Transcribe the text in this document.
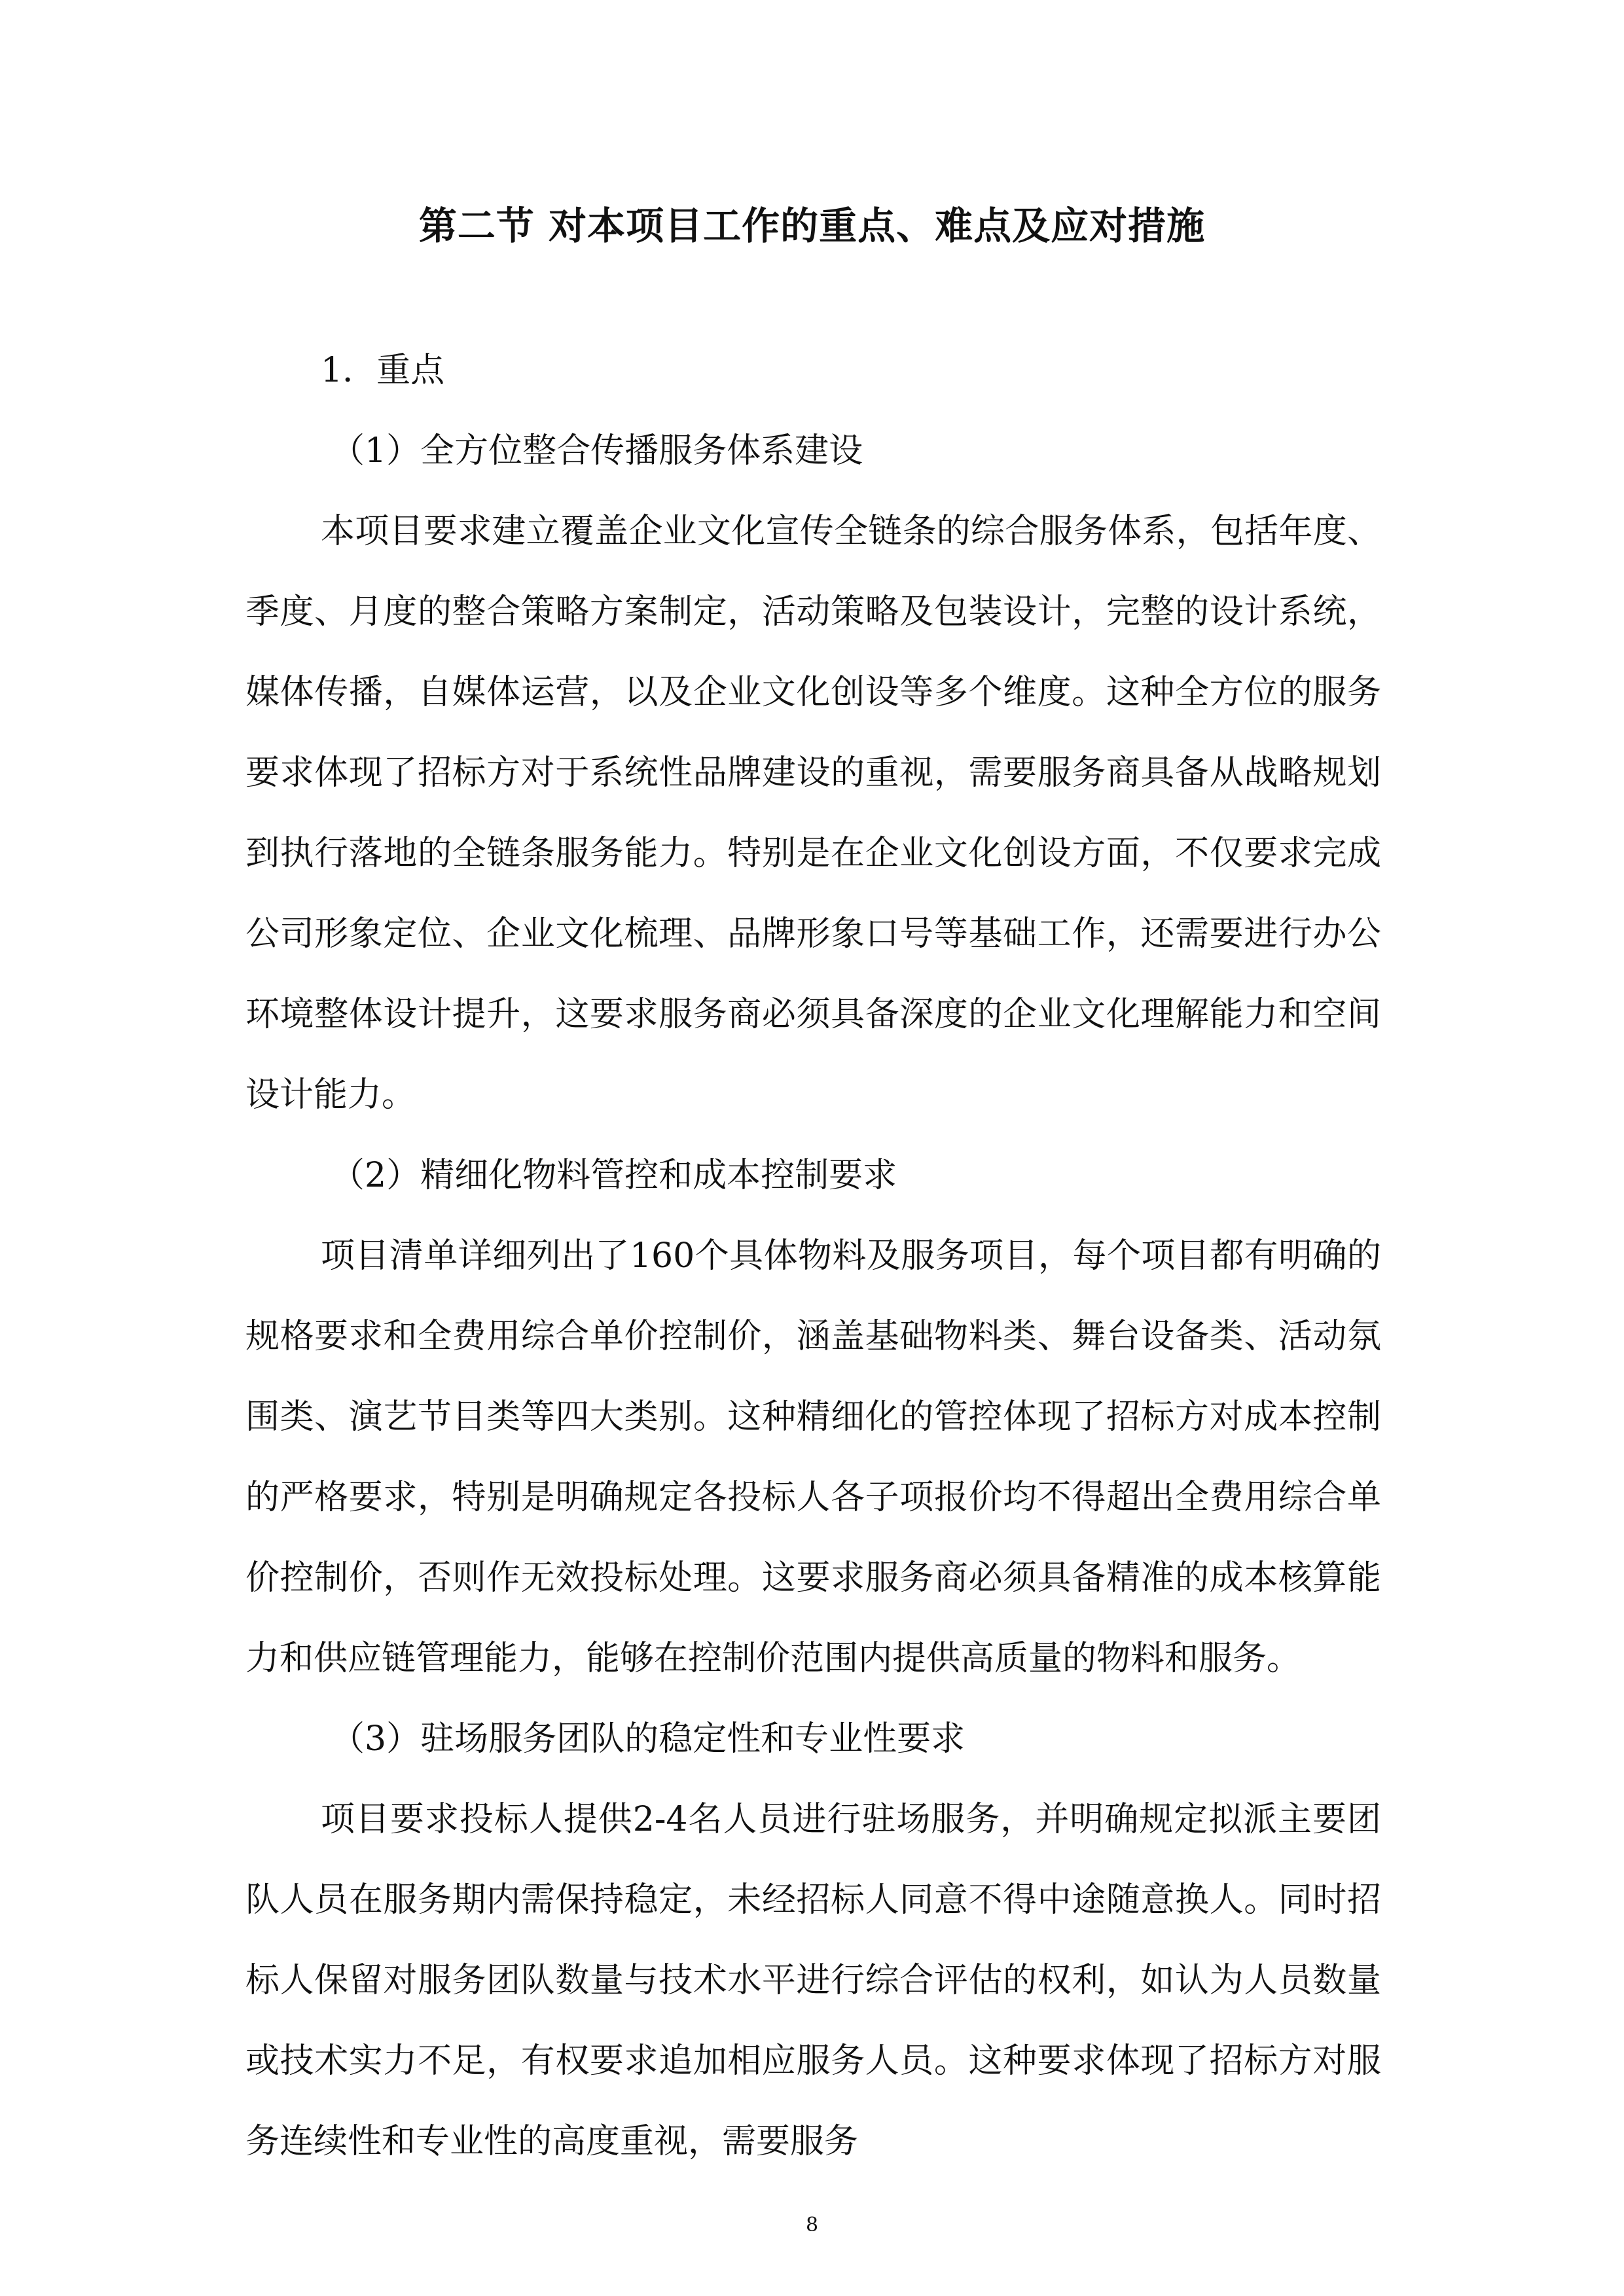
第二节 对本项目工作的重点、难点及应对措施

1．重点

（1）全方位整合传播服务体系建设

本项目要求建立覆盖企业文化宣传全链条的综合服务体系，包括年度、季度、月度的整合策略方案制定，活动策略及包装设计，完整的设计系统，媒体传播，自媒体运营，以及企业文化创设等多个维度。这种全方位的服务要求体现了招标方对于系统性品牌建设的重视，需要服务商具备从战略规划到执行落地的全链条服务能力。特别是在企业文化创设方面，不仅要求完成公司形象定位、企业文化梳理、品牌形象口号等基础工作，还需要进行办公环境整体设计提升，这要求服务商必须具备深度的企业文化理解能力和空间设计能力。

（2）精细化物料管控和成本控制要求

项目清单详细列出了160个具体物料及服务项目，每个项目都有明确的规格要求和全费用综合单价控制价，涵盖基础物料类、舞台设备类、活动氛围类、演艺节目类等四大类别。这种精细化的管控体现了招标方对成本控制的严格要求，特别是明确规定各投标人各子项报价均不得超出全费用综合单价控制价，否则作无效投标处理。这要求服务商必须具备精准的成本核算能力和供应链管理能力，能够在控制价范围内提供高质量的物料和服务。

（3）驻场服务团队的稳定性和专业性要求

项目要求投标人提供2-4名人员进行驻场服务，并明确规定拟派主要团队人员在服务期内需保持稳定，未经招标人同意不得中途随意换人。同时招标人保留对服务团队数量与技术水平进行综合评估的权利，如认为人员数量或技术实力不足，有权要求追加相应服务人员。这种要求体现了招标方对服务连续性和专业性的高度重视，需要服务

8
